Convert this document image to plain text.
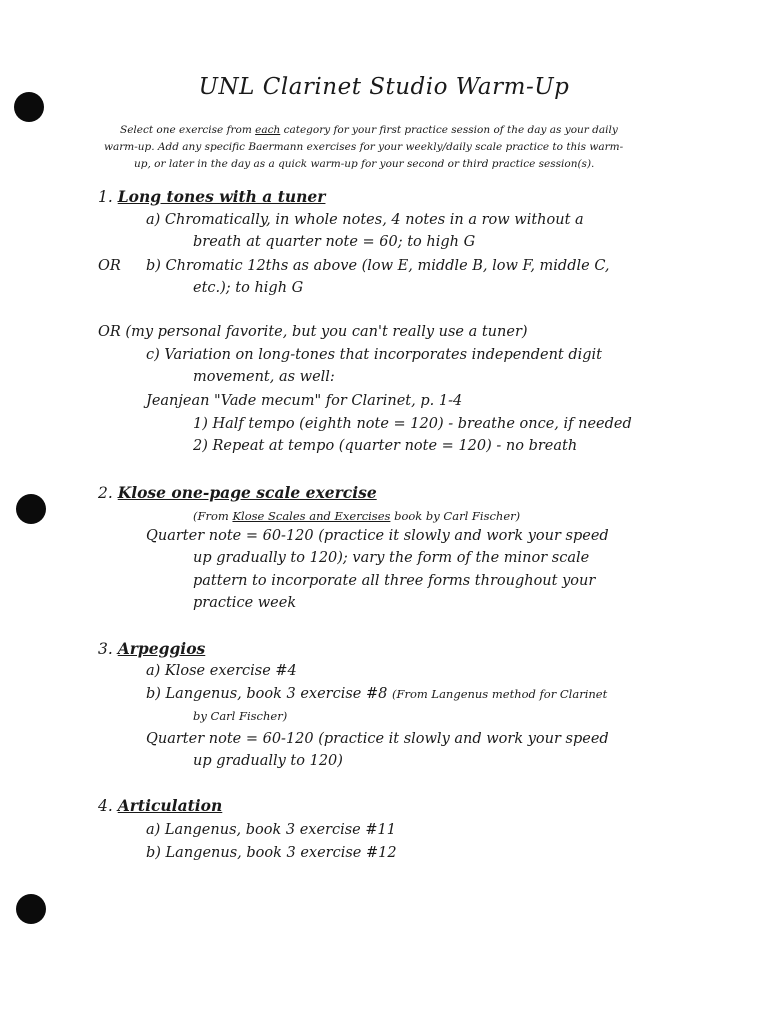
UNL Clarinet Studio Warm-Up
Select one exercise from each category for your first practice session of the day as your daily
warm-up. Add any specific Baermann exercises for your weekly/daily scale practice to this warm-
up, or later in the day as a quick warm-up for your second or third practice session(s).
1. Long tones with a tuner
a) Chromatically, in whole notes, 4 notes in a row without a
breath at quarter note = 60; to high G
OR b) Chromatic 12ths as above (low E, middle B, low F, middle C,
etc.); to high G
OR (my personal favorite, but you can't really use a tuner)
c) Variation on long-tones that incorporates independent digit
movement, as well:
Jeanjean "Vade mecum" for Clarinet, p. 1-4
1) Half tempo (eighth note = 120) - breathe once, if needed
2) Repeat at tempo (quarter note = 120) - no breath
2. Klose one-page scale exercise
(From Klose Scales and Exercises book by Carl Fischer)
Quarter note = 60-120 (practice it slowly and work your speed
up gradually to 120); vary the form of the minor scale
pattern to incorporate all three forms throughout your
practice week
3. Arpeggios
a) Klose exercise #4
b) Langenus, book 3 exercise #8 (From Langenus method for Clarinet
by Carl Fischer)
Quarter note = 60-120 (practice it slowly and work your speed
up gradually to 120)
4. Articulation
a) Langenus, book 3 exercise #11
b) Langenus, book 3 exercise #12
